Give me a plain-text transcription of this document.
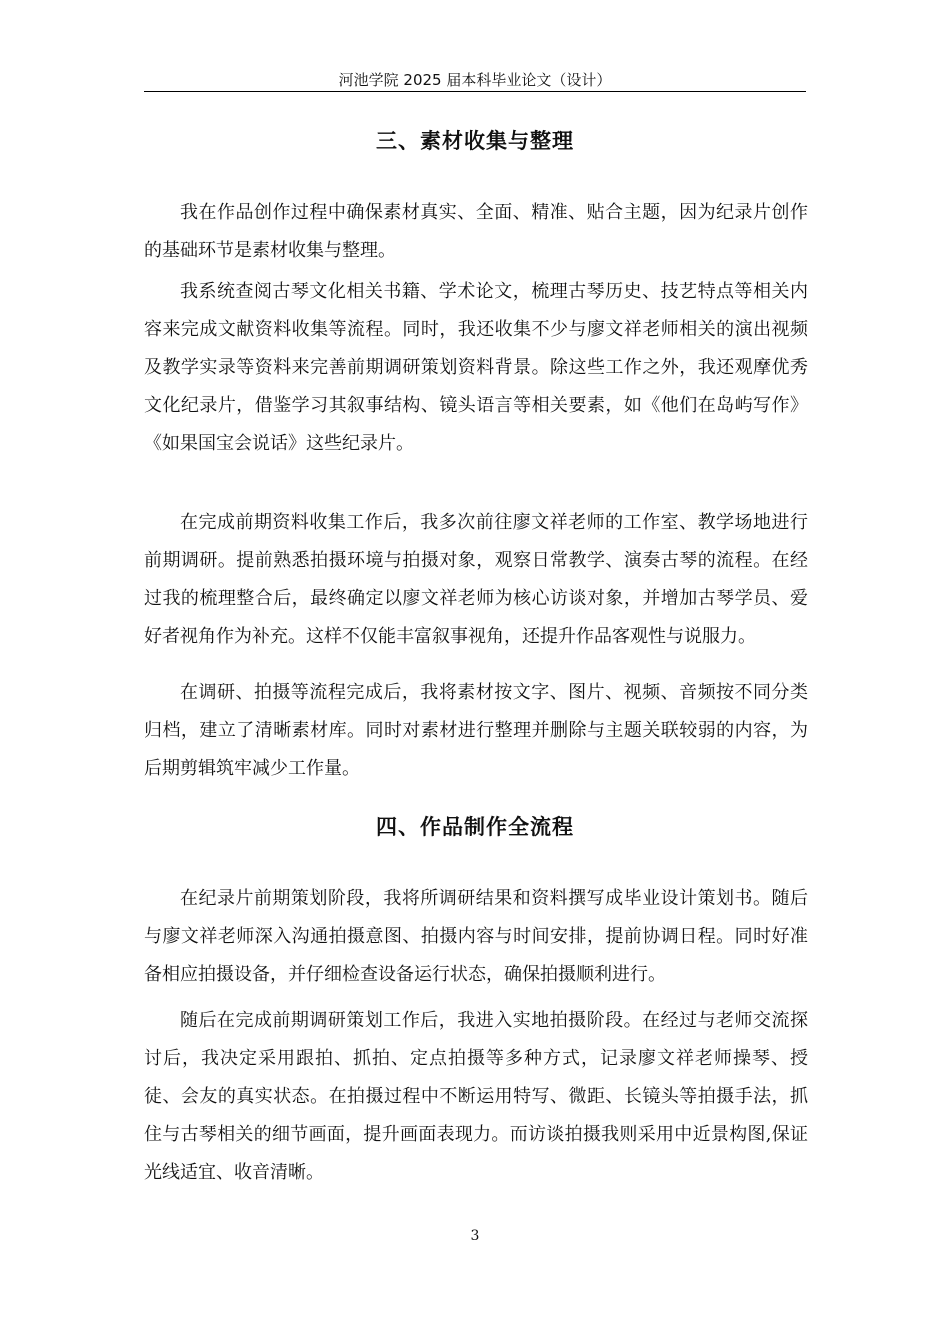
河池学院 2025 届本科毕业论文（设计）
三、素材收集与整理

我在作品创作过程中确保素材真实、全面、精准、贴合主题，因为纪录片创作的基础环节是素材收集与整理。

我系统查阅古琴文化相关书籍、学术论文，梳理古琴历史、技艺特点等相关内容来完成文献资料收集等流程。同时，我还收集不少与廖文祥老师相关的演出视频及教学实录等资料来完善前期调研策划资料背景。除这些工作之外，我还观摩优秀文化纪录片，借鉴学习其叙事结构、镜头语言等相关要素，如《他们在岛屿写作》《如果国宝会说话》这些纪录片。

在完成前期资料收集工作后，我多次前往廖文祥老师的工作室、教学场地进行前期调研。提前熟悉拍摄环境与拍摄对象，观察日常教学、演奏古琴的流程。在经过我的梳理整合后，最终确定以廖文祥老师为核心访谈对象，并增加古琴学员、爱好者视角作为补充。这样不仅能丰富叙事视角，还提升作品客观性与说服力。

在调研、拍摄等流程完成后，我将素材按文字、图片、视频、音频按不同分类归档，建立了清晰素材库。同时对素材进行整理并删除与主题关联较弱的内容，为后期剪辑筑牢减少工作量。

四、作品制作全流程

在纪录片前期策划阶段，我将所调研结果和资料撰写成毕业设计策划书。随后与廖文祥老师深入沟通拍摄意图、拍摄内容与时间安排，提前协调日程。同时好准备相应拍摄设备，并仔细检查设备运行状态，确保拍摄顺利进行。

随后在完成前期调研策划工作后，我进入实地拍摄阶段。在经过与老师交流探讨后，我决定采用跟拍、抓拍、定点拍摄等多种方式，记录廖文祥老师操琴、授徒、会友的真实状态。在拍摄过程中不断运用特写、微距、长镜头等拍摄手法，抓住与古琴相关的细节画面，提升画面表现力。而访谈拍摄我则采用中近景构图,保证光线适宜、收音清晰。

3
